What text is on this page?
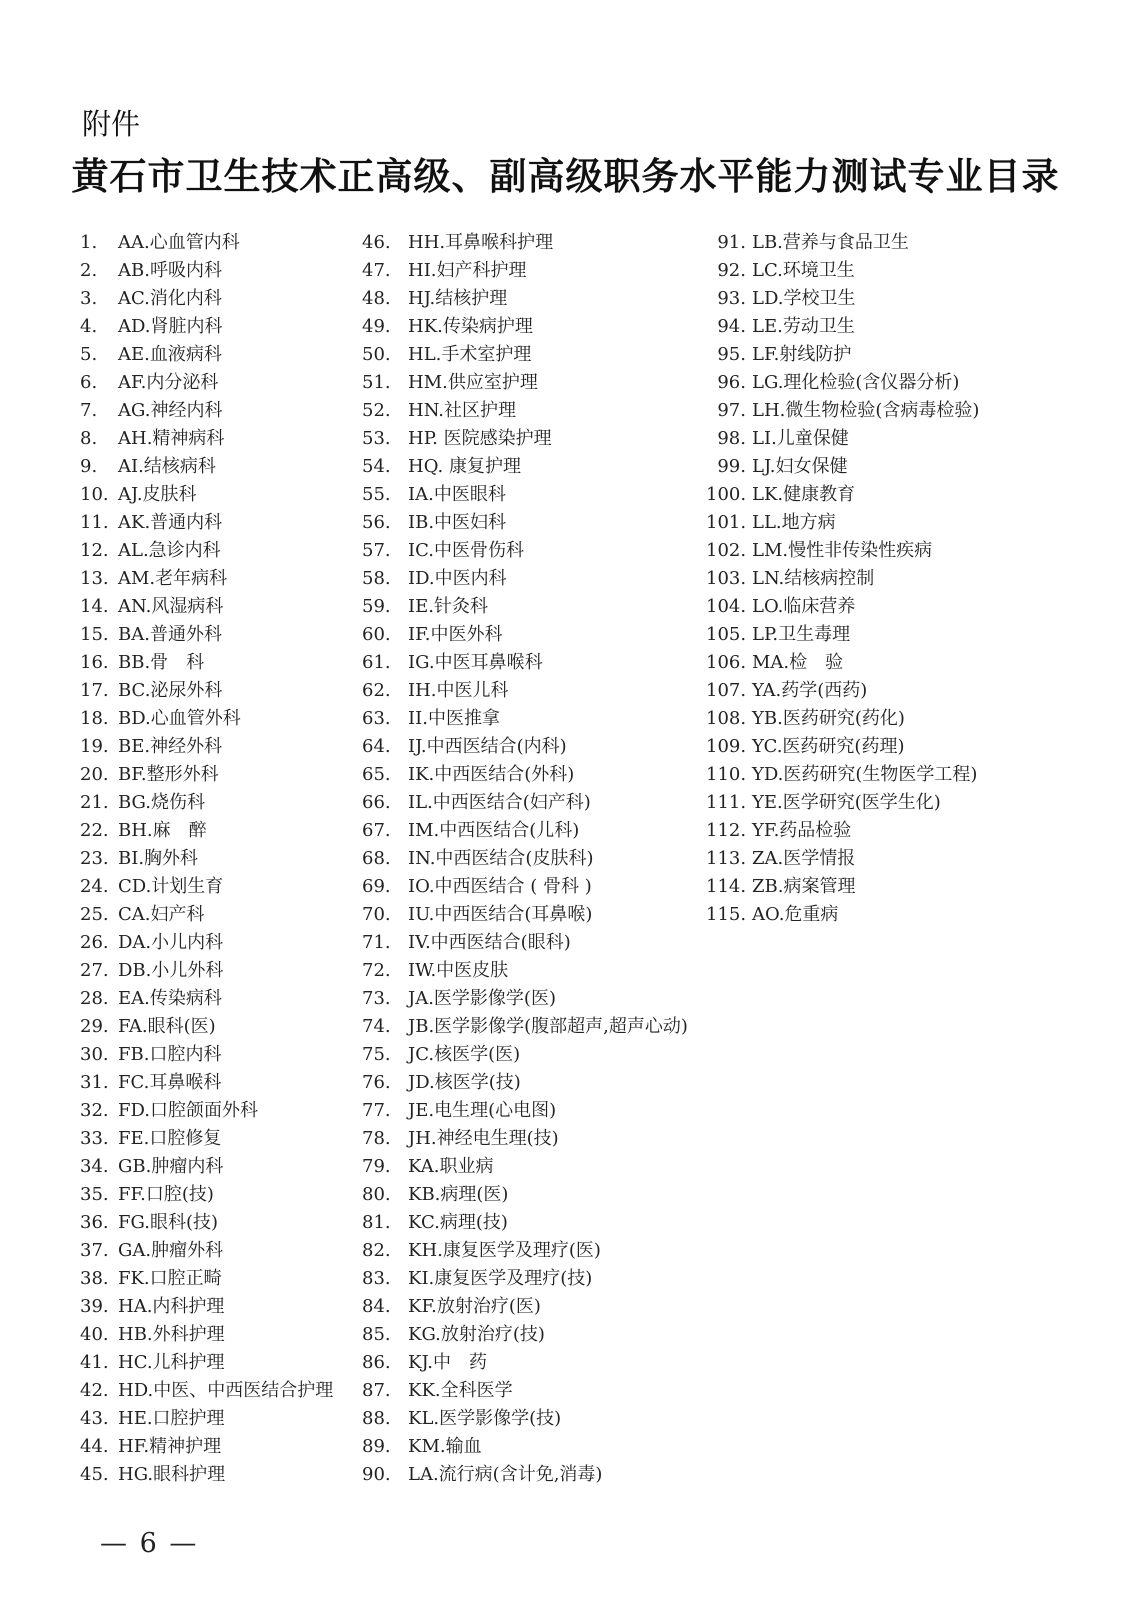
附件
黄石市卫生技术正高级、副高级职务水平能力测试专业目录
1. AA.心血管内科
2. AB.呼吸内科
3. AC.消化内科
4. AD.肾脏内科
5. AE.血液病科
6. AF.内分泌科
7. AG.神经内科
8. AH.精神病科
9. AI.结核病科
10. AJ.皮肤科
11. AK.普通内科
12. AL.急诊内科
13. AM.老年病科
14. AN.风湿病科
15. BA.普通外科
16. BB.骨　科
17. BC.泌尿外科
18. BD.心血管外科
19. BE.神经外科
20. BF.整形外科
21. BG.烧伤科
22. BH.麻　醉
23. BI.胸外科
24. CD.计划生育
25. CA.妇产科
26. DA.小儿内科
27. DB.小儿外科
28. EA.传染病科
29. FA.眼科(医)
30. FB.口腔内科
31. FC.耳鼻喉科
32. FD.口腔颌面外科
33. FE.口腔修复
34. GB.肿瘤内科
35. FF.口腔(技)
36. FG.眼科(技)
37. GA.肿瘤外科
38. FK.口腔正畸
39. HA.内科护理
40. HB.外科护理
41. HC.儿科护理
42. HD.中医、中西医结合护理
43. HE.口腔护理
44. HF.精神护理
45. HG.眼科护理
46. HH.耳鼻喉科护理
47. HI.妇产科护理
48. HJ.结核护理
49. HK.传染病护理
50. HL.手术室护理
51. HM.供应室护理
52. HN.社区护理
53. HP. 医院感染护理
54. HQ. 康复护理
55. IA.中医眼科
56. IB.中医妇科
57. IC.中医骨伤科
58. ID.中医内科
59. IE.针灸科
60. IF.中医外科
61. IG.中医耳鼻喉科
62. IH.中医儿科
63. II.中医推拿
64. IJ.中西医结合(内科)
65. IK.中西医结合(外科)
66. IL.中西医结合(妇产科)
67. IM.中西医结合(儿科)
68. IN.中西医结合(皮肤科)
69. IO.中西医结合 ( 骨科 )
70. IU.中西医结合(耳鼻喉)
71. IV.中西医结合(眼科)
72. IW.中医皮肤
73. JA.医学影像学(医)
74. JB.医学影像学(腹部超声,超声心动)
75. JC.核医学(医)
76. JD.核医学(技)
77. JE.电生理(心电图)
78. JH.神经电生理(技)
79. KA.职业病
80. KB.病理(医)
81. KC.病理(技)
82. KH.康复医学及理疗(医)
83. KI.康复医学及理疗(技)
84. KF.放射治疗(医)
85. KG.放射治疗(技)
86. KJ.中　药
87. KK.全科医学
88. KL.医学影像学(技)
89. KM.输血
90. LA.流行病(含计免,消毒)
91. LB.营养与食品卫生
92. LC.环境卫生
93. LD.学校卫生
94. LE.劳动卫生
95. LF.射线防护
96. LG.理化检验(含仪器分析)
97. LH.微生物检验(含病毒检验)
98. LI.儿童保健
99. LJ.妇女保健
100. LK.健康教育
101. LL.地方病
102. LM.慢性非传染性疾病
103. LN.结核病控制
104. LO.临床营养
105. LP.卫生毒理
106. MA.检　验
107. YA.药学(西药)
108. YB.医药研究(药化)
109. YC.医药研究(药理)
110. YD.医药研究(生物医学工程)
111. YE.医学研究(医学生化)
112. YF.药品检验
113. ZA.医学情报
114. ZB.病案管理
115. AO.危重病
— 6 —
